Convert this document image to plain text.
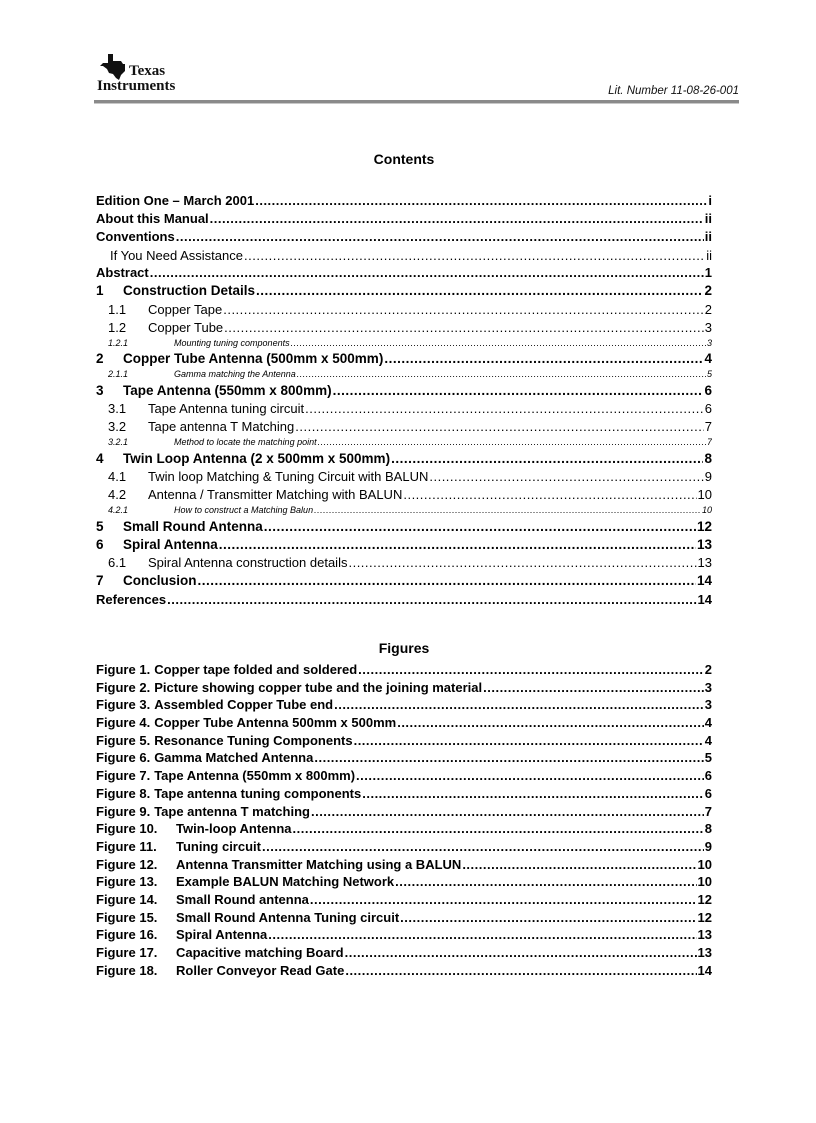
Texas
Instruments	Lit. Number 11-08-26-001
Contents
Edition One – March 2001 .....	i
About this Manual .....	ii
Conventions .....	ii
If You Need Assistance .....	ii
Abstract .....	1
1	Construction Details .....	2
1.1	Copper Tape .....	2
1.2	Copper Tube .....	3
1.2.1	Mounting tuning components .....	3
2	Copper Tube Antenna (500mm x 500mm) .....	4
2.1.1	Gamma matching the Antenna .....	5
3	Tape Antenna (550mm x 800mm) .....	6
3.1	Tape Antenna tuning circuit .....	6
3.2	Tape antenna T Matching .....	7
3.2.1	Method to locate the matching point .....	7
4	Twin Loop Antenna (2 x 500mm x 500mm) .....	8
4.1	Twin loop Matching & Tuning Circuit with BALUN .....	9
4.2	Antenna / Transmitter Matching with BALUN .....	10
4.2.1	How to construct a Matching Balun .....	10
5	Small Round Antenna .....	12
6	Spiral Antenna .....	13
6.1	Spiral Antenna construction details .....	13
7	Conclusion .....	14
References .....	14
Figures
Figure 1. Copper tape folded and soldered .....	2
Figure 2. Picture showing copper tube and the joining material .....	3
Figure 3. Assembled Copper Tube end .....	3
Figure 4. Copper Tube Antenna 500mm x 500mm .....	4
Figure 5. Resonance Tuning Components .....	4
Figure 6. Gamma Matched Antenna .....	5
Figure 7. Tape Antenna (550mm x 800mm) .....	6
Figure 8. Tape antenna tuning components .....	6
Figure 9. Tape antenna T matching .....	7
Figure 10.	Twin-loop Antenna .....	8
Figure 11.	Tuning circuit .....	9
Figure 12.	Antenna Transmitter Matching using a BALUN .....	10
Figure 13.	Example BALUN Matching Network .....	10
Figure 14.	Small Round antenna .....	12
Figure 15.	Small Round Antenna Tuning circuit .....	12
Figure 16.	Spiral Antenna .....	13
Figure 17.	Capacitive matching Board .....	13
Figure 18.	Roller Conveyor Read Gate .....	14
